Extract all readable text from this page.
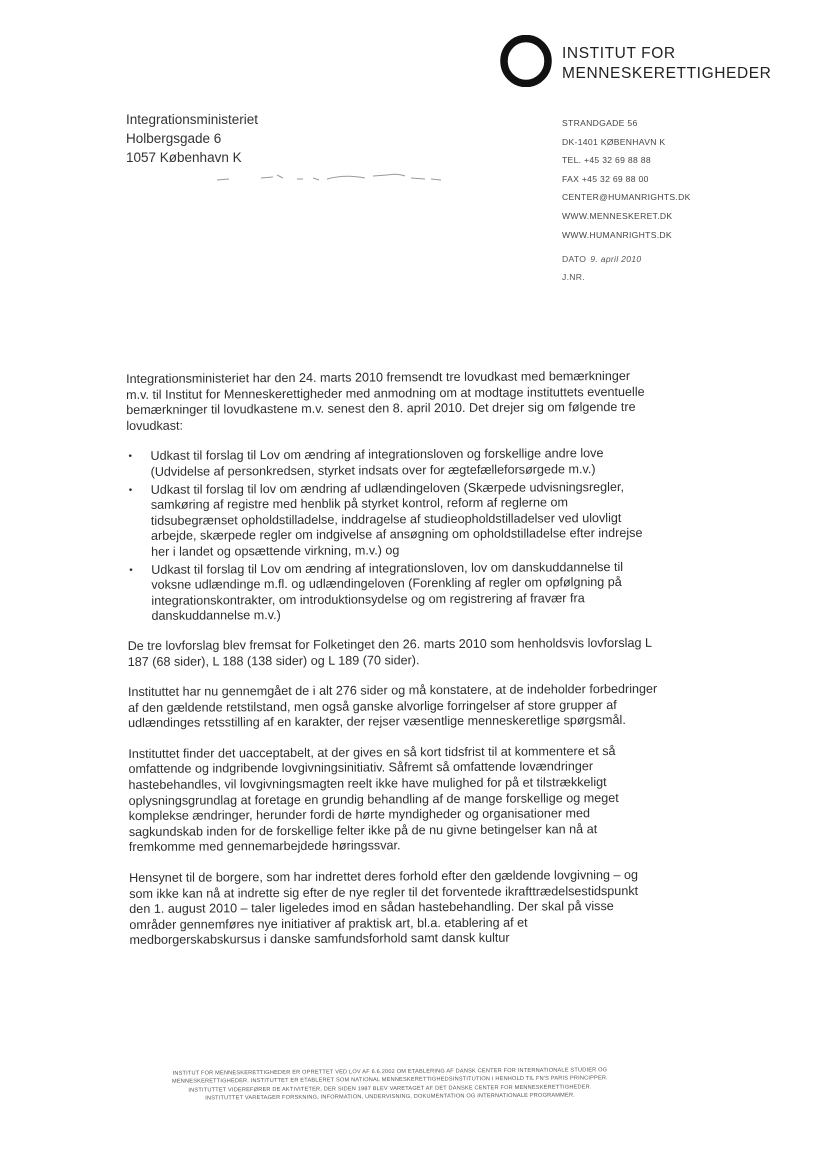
INSTITUT FOR
MENNESKERETTIGHEDER
Integrationsministeriet
Holbergsgade 6
1057 København K
STRANDGADE 56
DK-1401 KØBENHAVN K
TEL. +45 32 69 88 88
FAX +45 32 69 88 00
CENTER@HUMANRIGHTS.DK
WWW.MENNESKERET.DK
WWW.HUMANRIGHTS.DK
DATO 9. april 2010
J.NR.

Integrationsministeriet har den 24. marts 2010 fremsendt tre lovudkast med bemærkninger m.v. til Institut for Menneskerettigheder med anmodning om at modtage instituttets eventuelle bemærkninger til lovudkastene m.v. senest den 8. april 2010. Det drejer sig om følgende tre lovudkast:

• Udkast til forslag til Lov om ændring af integrationsloven og forskellige andre love (Udvidelse af personkredsen, styrket indsats over for ægtefælleforsørgede m.v.)
• Udkast til forslag til lov om ændring af udlændingeloven (Skærpede udvisningsregler, samkøring af registre med henblik på styrket kontrol, reform af reglerne om tidsubegrænset opholdstilladelse, inddragelse af studieopholdstilladelser ved ulovligt arbejde, skærpede regler om indgivelse af ansøgning om opholdstilladelse efter indrejse her i landet og opsættende virkning, m.v.) og
• Udkast til forslag til Lov om ændring af integrationsloven, lov om danskuddannelse til voksne udlændinge m.fl. og udlændingeloven (Forenkling af regler om opfølgning på integrationskontrakter, om introduktionsydelse og om registrering af fravær fra danskuddannelse m.v.)

De tre lovforslag blev fremsat for Folketinget den 26. marts 2010 som henholdsvis lovforslag L 187 (68 sider), L 188 (138 sider) og L 189 (70 sider).

Instituttet har nu gennemgået de i alt 276 sider og må konstatere, at de indeholder forbedringer af den gældende retstilstand, men også ganske alvorlige forringelser af store grupper af udlændinges retsstilling af en karakter, der rejser væsentlige menneskeretlige spørgsmål.

Instituttet finder det uacceptabelt, at der gives en så kort tidsfrist til at kommentere et så omfattende og indgribende lovgivningsinitiativ. Såfremt så omfattende lovændringer hastebehandles, vil lovgivningsmagten reelt ikke have mulighed for på et tilstrækkeligt oplysningsgrundlag at foretage en grundig behandling af de mange forskellige og meget komplekse ændringer, herunder fordi de hørte myndigheder og organisationer med sagkundskab inden for de forskellige felter ikke på de nu givne betingelser kan nå at fremkomme med gennemarbejdede høringssvar.

Hensynet til de borgere, som har indrettet deres forhold efter den gældende lovgivning – og som ikke kan nå at indrette sig efter de nye regler til det forventede ikrafttrædelsestidspunkt den 1. august 2010 – taler ligeledes imod en sådan hastebehandling. Der skal på visse områder gennemføres nye initiativer af praktisk art, bl.a. etablering af et medborgerskabskursus i danske samfundsforhold samt dansk kultur

INSTITUT FOR MENNESKERETTIGHEDER ER OPRETTET VED LOV AF 6.6.2002 OM ETABLERING AF DANSK CENTER FOR INTERNATIONALE STUDIER OG
MENNESKERETTIGHEDER. INSTITUTTET ER ETABLERET SOM NATIONAL MENNESKERETTIGHEDSINSTITUTION I HENHOLD TIL FN'S PARIS PRINCIPPER.
INSTITUTTET VIDEREFØRER DE AKTIVITETER, DER SIDEN 1987 BLEV VARETAGET AF DET DANSKE CENTER FOR MENNESKERETTIGHEDER.
INSTITUTTET VARETAGER FORSKNING, INFORMATION, UNDERVISNING, DOKUMENTATION OG INTERNATIONALE PROGRAMMER.
